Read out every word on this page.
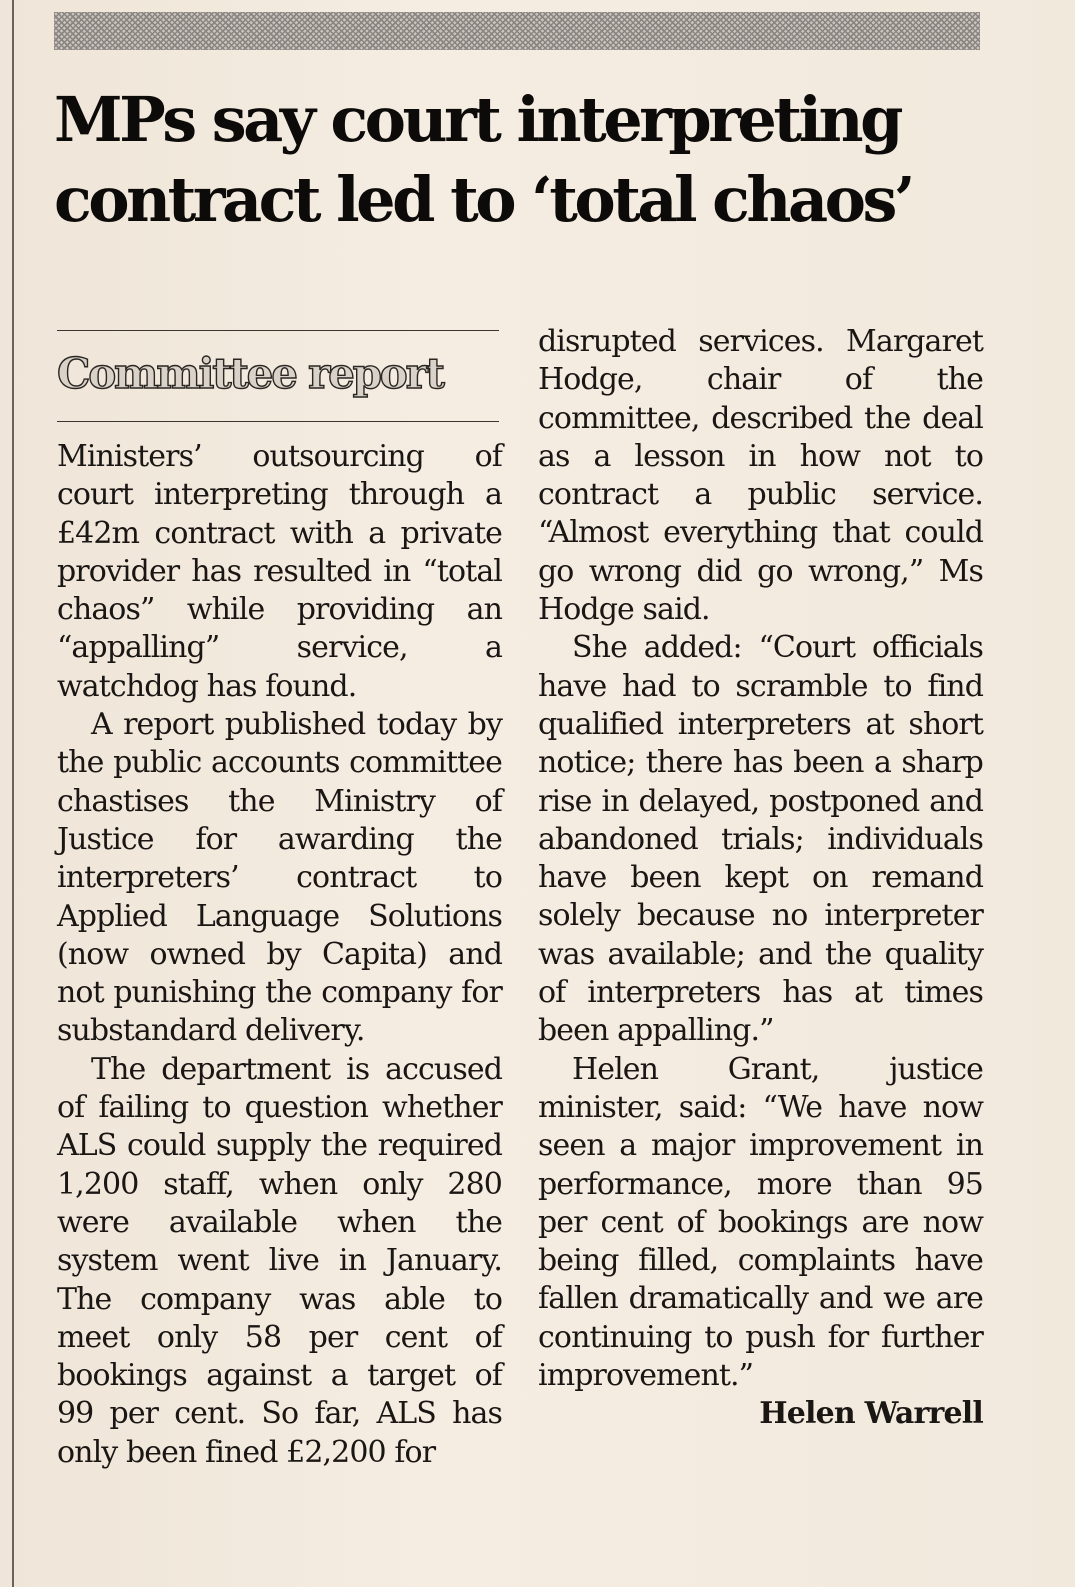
MPs say court interpreting
contract led to ‘total chaos’
Committee report

Ministers’ outsourcing of court interpreting through a £42m contract with a private provider has resulted in “total chaos” while providing an “appalling” service, a watchdog has found.

A report published today by the public accounts committee chastises the Ministry of Justice for awarding the interpreters’ contract to Applied Language Solutions (now owned by Capita) and not punishing the company for substandard delivery.

The department is accused of failing to question whether ALS could supply the required 1,200 staff, when only 280 were available when the system went live in January. The company was able to meet only 58 per cent of bookings against a target of 99 per cent. So far, ALS has only been fined £2,200 for

disrupted services. Margaret Hodge, chair of the committee, described the deal as a lesson in how not to contract a public service. “Almost everything that could go wrong did go wrong,” Ms Hodge said.

She added: “Court officials have had to scramble to find qualified interpreters at short notice; there has been a sharp rise in delayed, postponed and abandoned trials; individuals have been kept on remand solely because no interpreter was available; and the quality of interpreters has at times been appalling.”

Helen Grant, justice minister, said: “We have now seen a major improvement in performance, more than 95 per cent of bookings are now being filled, complaints have fallen dramatically and we are continuing to push for further improvement.”

Helen Warrell
